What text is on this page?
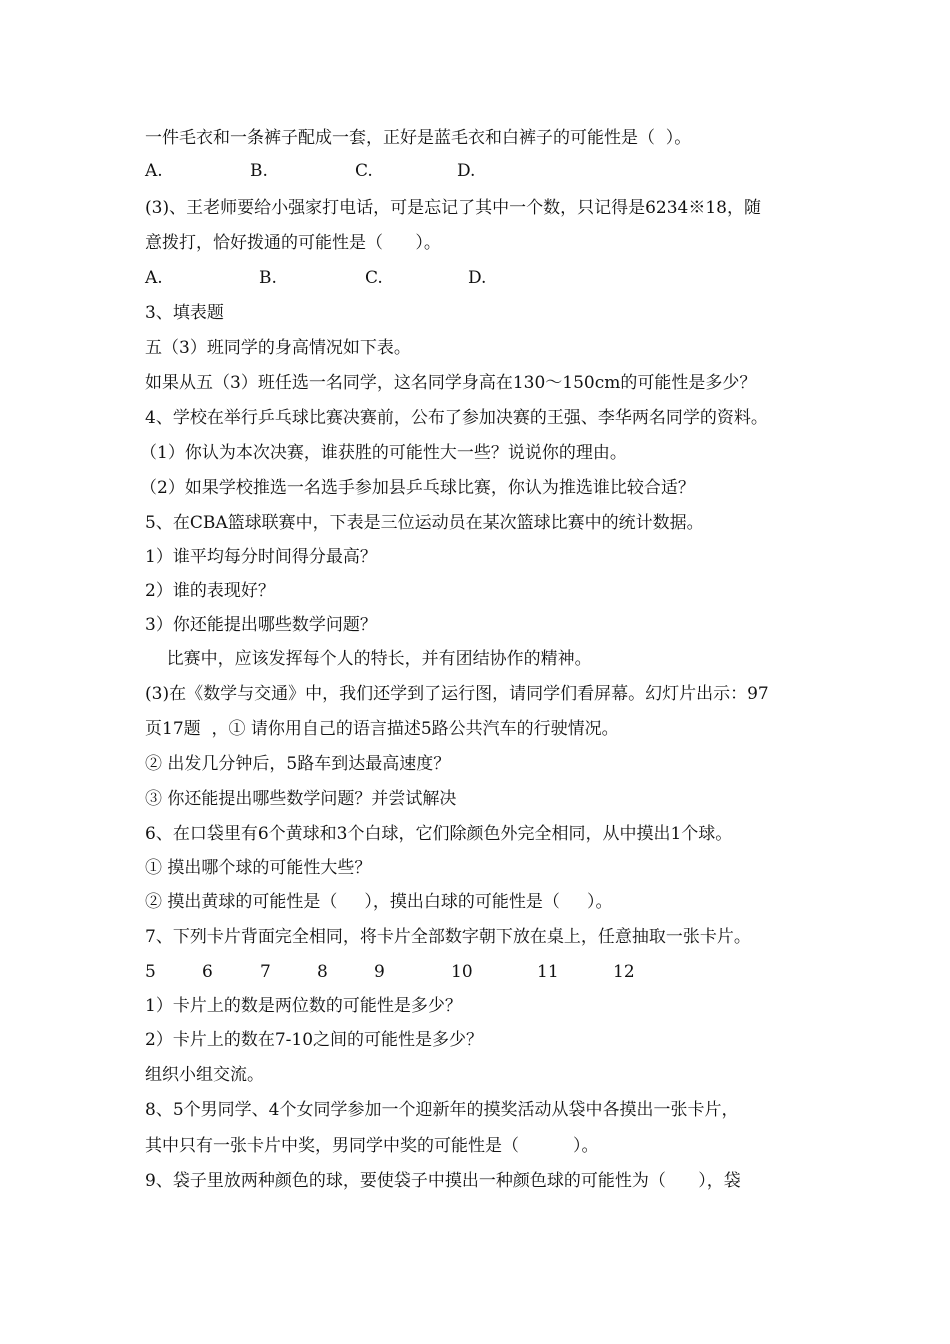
一件毛衣和一条裤子配成一套，正好是蓝毛衣和白裤子的可能性是（  ）。
A.	B.	C.	D.
(3)、王老师要给小强家打电话，可是忘记了其中一个数，只记得是6234※18，随
意拨打，恰好拨通的可能性是（      ）。
A.	B.	C.	D.
3、填表题
五（3）班同学的身高情况如下表。
如果从五（3）班任选一名同学，这名同学身高在130～150cm的可能性是多少？
4、学校在举行乒乓球比赛决赛前，公布了参加决赛的王强、李华两名同学的资料。
（1）你认为本次决赛，谁获胜的可能性大一些？说说你的理由。
（2）如果学校推选一名选手参加县乒乓球比赛，你认为推选谁比较合适？
5、在CBA篮球联赛中，下表是三位运动员在某次篮球比赛中的统计数据。
1）谁平均每分时间得分最高？
2）谁的表现好？
3）你还能提出哪些数学问题？
比赛中，应该发挥每个人的特长，并有团结协作的精神。
(3)在《数学与交通》中，我们还学到了运行图，请同学们看屏幕。幻灯片出示：97
页17题  ，① 请你用自己的语言描述5路公共汽车的行驶情况。
② 出发几分钟后，5路车到达最高速度？
③ 你还能提出哪些数学问题？并尝试解决
6、在口袋里有6个黄球和3个白球，它们除颜色外完全相同，从中摸出1个球。
① 摸出哪个球的可能性大些？
② 摸出黄球的可能性是（     ），摸出白球的可能性是（     ）。
7、下列卡片背面完全相同，将卡片全部数字朝下放在桌上，任意抽取一张卡片。
5	6	7	8	9	10	11	12
1）卡片上的数是两位数的可能性是多少？
2）卡片上的数在7-10之间的可能性是多少？
组织小组交流。
8、5个男同学、4个女同学参加一个迎新年的摸奖活动从袋中各摸出一张卡片，
其中只有一张卡片中奖，男同学中奖的可能性是（          ）。
9、袋子里放两种颜色的球，要使袋子中摸出一种颜色球的可能性为（      ），袋
